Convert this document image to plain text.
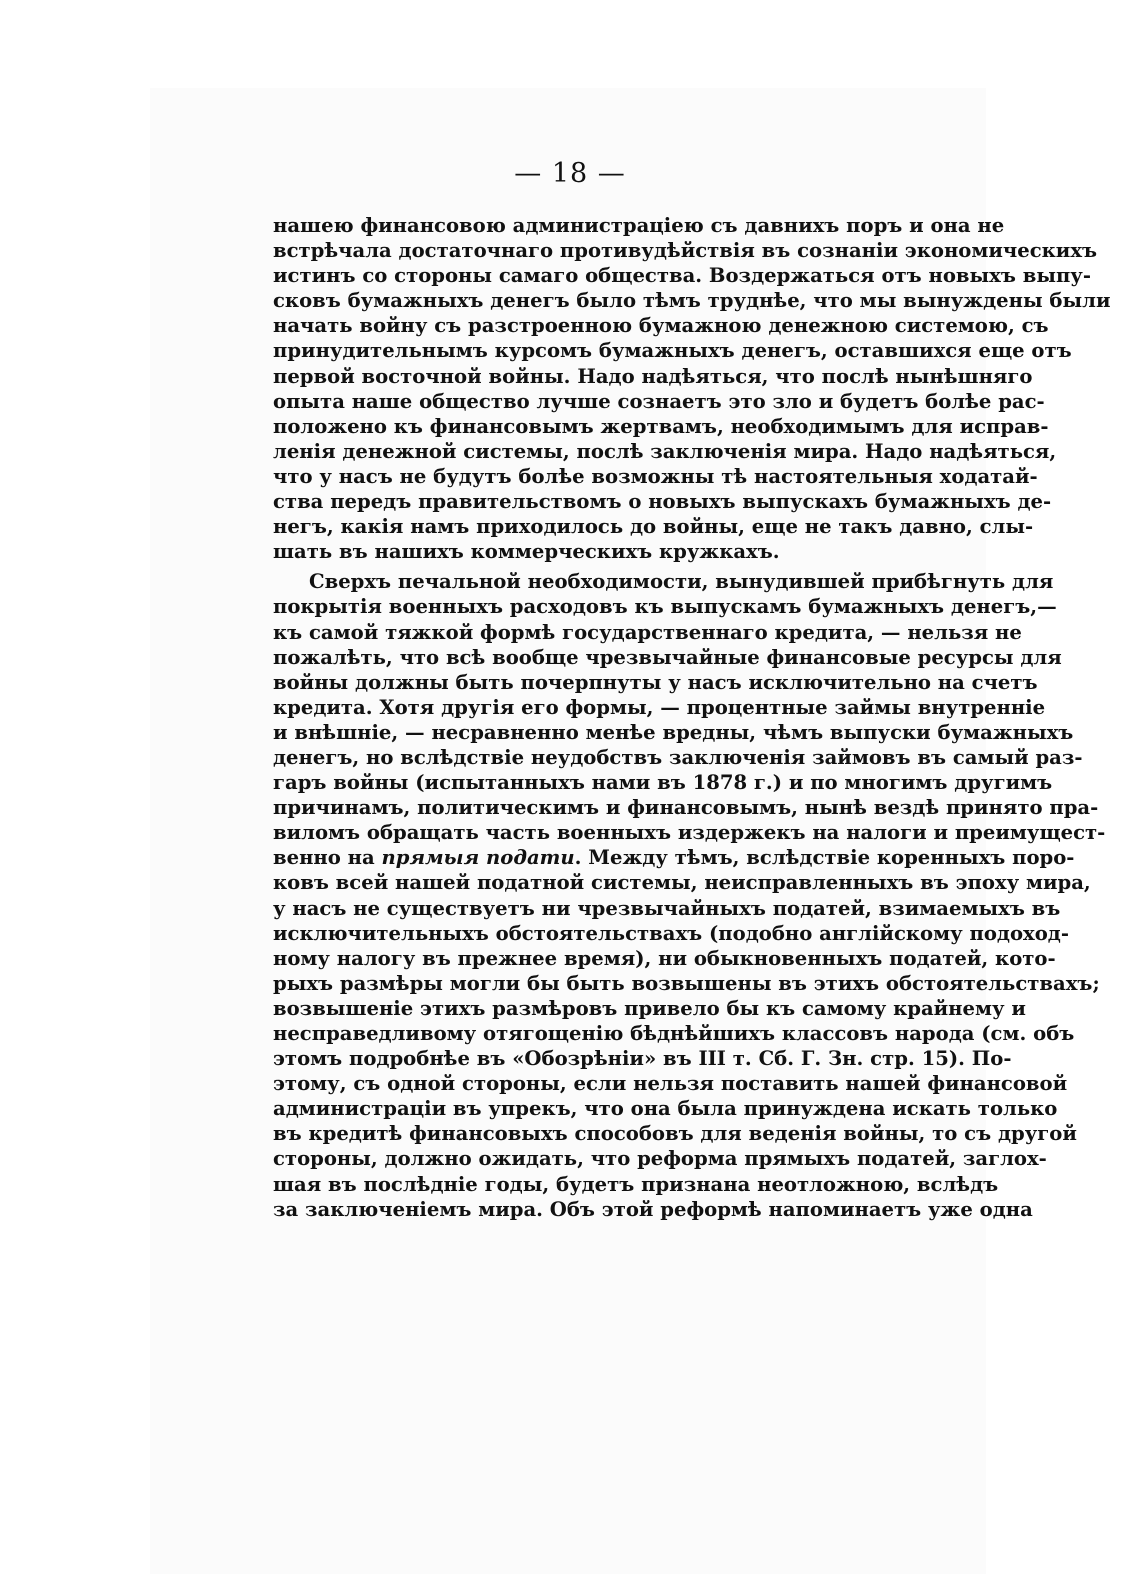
— 18 —
нашею финансовою администраціею съ давнихъ поръ и она не
встрѣчала достаточнаго противудѣйствія въ сознаніи экономическихъ
истинъ со стороны самаго общества. Воздержаться отъ новыхъ выпу-
сковъ бумажныхъ денегъ было тѣмъ труднѣе, что мы вынуждены были
начать войну съ разстроенною бумажною денежною системою, съ
принудительнымъ курсомъ бумажныхъ денегъ, оставшихся еще отъ
первой восточной войны. Надо надѣяться, что послѣ нынѣшняго
опыта наше общество лучше сознаетъ это зло и будетъ болѣе рас-
положено къ финансовымъ жертвамъ, необходимымъ для исправ-
ленія денежной системы, послѣ заключенія мира. Надо надѣяться,
что у насъ не будутъ болѣе возможны тѣ настоятельныя ходатай-
ства передъ правительствомъ о новыхъ выпускахъ бумажныхъ де-
негъ, какія намъ приходилось до войны, еще не такъ давно, слы-
шать въ нашихъ коммерческихъ кружкахъ.
Сверхъ печальной необходимости, вынудившей прибѣгнуть для
покрытія военныхъ расходовъ къ выпускамъ бумажныхъ денегъ,—
къ самой тяжкой формѣ государственнаго кредита, — нельзя не
пожалѣть, что всѣ вообще чрезвычайные финансовые ресурсы для
войны должны быть почерпнуты у насъ исключительно на счетъ
кредита. Хотя другія его формы, — процентные займы внутренніе
и внѣшніе, — несравненно менѣе вредны, чѣмъ выпуски бумажныхъ
денегъ, но вслѣдствіе неудобствъ заключенія займовъ въ самый раз-
гаръ войны (испытанныхъ нами въ 1878 г.) и по многимъ другимъ
причинамъ, политическимъ и финансовымъ, нынѣ вездѣ принято пра-
виломъ обращать часть военныхъ издержекъ на налоги и преимущест-
венно на прямыя подати. Между тѣмъ, вслѣдствіе коренныхъ поро-
ковъ всей нашей податной системы, неисправленныхъ въ эпоху мира,
у насъ не существуетъ ни чрезвычайныхъ податей, взимаемыхъ въ
исключительныхъ обстоятельствахъ (подобно англійскому подоход-
ному налогу въ прежнее время), ни обыкновенныхъ податей, кото-
рыхъ размѣры могли бы быть возвышены въ этихъ обстоятельствахъ;
возвышеніе этихъ размѣровъ привело бы къ самому крайнему и
несправедливому отягощенію бѣднѣйшихъ классовъ народа (см. объ
этомъ подробнѣе въ «Обозрѣніи» въ III т. Сб. Г. Зн. стр. 15). По-
этому, съ одной стороны, если нельзя поставить нашей финансовой
администраціи въ упрекъ, что она была принуждена искать только
въ кредитѣ финансовыхъ способовъ для веденія войны, то съ другой
стороны, должно ожидать, что реформа прямыхъ податей, заглох-
шая въ послѣдніе годы, будетъ признана неотложною, вслѣдъ
за заключеніемъ мира. Объ этой реформѣ напоминаетъ уже одна
